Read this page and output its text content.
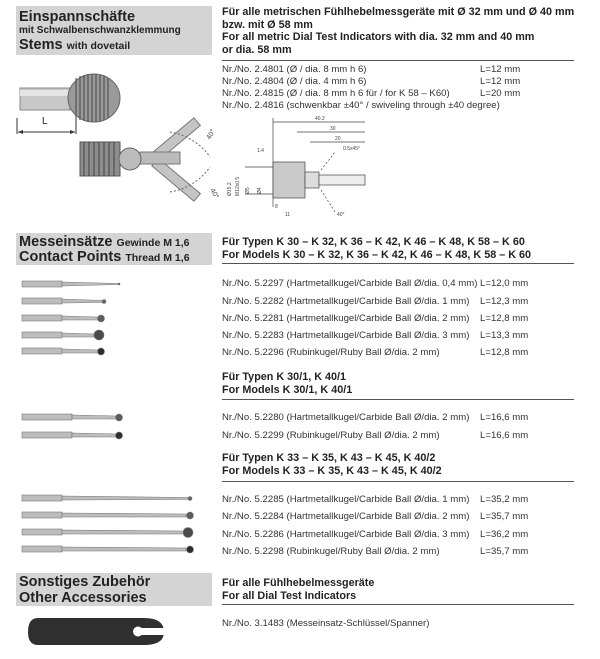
Einspannschäfte
mit Schwalbenschwanzklemmung
Stems with dovetail
Für alle metrischen Fühlhebelmessgeräte mit Ø 32 mm und Ø 40 mm
bzw. mit Ø 58 mm
For all metric Dial Test Indicators with dia. 32 mm and 40 mm
or dia. 58 mm
Nr./No. 2.4801 (Ø / dia. 8 mm h 6)	L=12 mm
Nr./No. 2.4804 (Ø / dia. 4 mm h 6)	L=12 mm
Nr./No. 2.4815 (Ø / dia. 8 mm h 6 für / for K 58 – K60)	L=20 mm
Nr./No. 2.4816 (schwenkbar ±40° / swiveling through ±40 degree)
L
40°
40°
40.2
30
20
0.5x45°
1.4
Ø15.2 M12x0.5 Ø5 Ø4
11
8
40°
Messeinsätze Gewinde M 1,6
Contact Points Thread M 1,6
Für Typen K 30 – K 32, K 36 – K 42, K 46 – K 48, K 58 – K 60
For Models K 30 – K 32, K 36 – K 42, K 46 – K 48, K 58 – K 60
Nr./No. 5.2297 (Hartmetallkugel/Carbide Ball Ø/dia. 0,4 mm) L=12,0 mm
Nr./No. 5.2282 (Hartmetallkugel/Carbide Ball Ø/dia. 1 mm) L=12,3 mm
Nr./No. 5.2281 (Hartmetallkugel/Carbide Ball Ø/dia. 2 mm) L=12,8 mm
Nr./No. 5.2283 (Hartmetallkugel/Carbide Ball Ø/dia. 3 mm) L=13,3 mm
Nr./No. 5.2296 (Rubinkugel/Ruby Ball Ø/dia. 2 mm)	L=12,8 mm
Für Typen K 30/1, K 40/1
For Models K 30/1, K 40/1
Nr./No. 5.2280 (Hartmetallkugel/Carbide Ball Ø/dia. 2 mm) L=16,6 mm
Nr./No. 5.2299 (Rubinkugel/Ruby Ball Ø/dia. 2 mm)	L=16,6 mm
Für Typen K 33 – K 35, K 43 – K 45, K 40/2
For Models K 33 – K 35, K 43 – K 45, K 40/2
Nr./No. 5.2285 (Hartmetallkugel/Carbide Ball Ø/dia. 1 mm) L=35,2 mm
Nr./No. 5.2284 (Hartmetallkugel/Carbide Ball Ø/dia. 2 mm) L=35,7 mm
Nr./No. 5.2286 (Hartmetallkugel/Carbide Ball Ø/dia. 3 mm) L=36,2 mm
Nr./No. 5.2298 (Rubinkugel/Ruby Ball Ø/dia. 2 mm)	L=35,7 mm
Sonstiges Zubehör
Other Accessories
Für alle Fühlhebelmessgeräte
For all Dial Test Indicators
Nr./No. 3.1483 (Messeinsatz-Schlüssel/Spanner)
